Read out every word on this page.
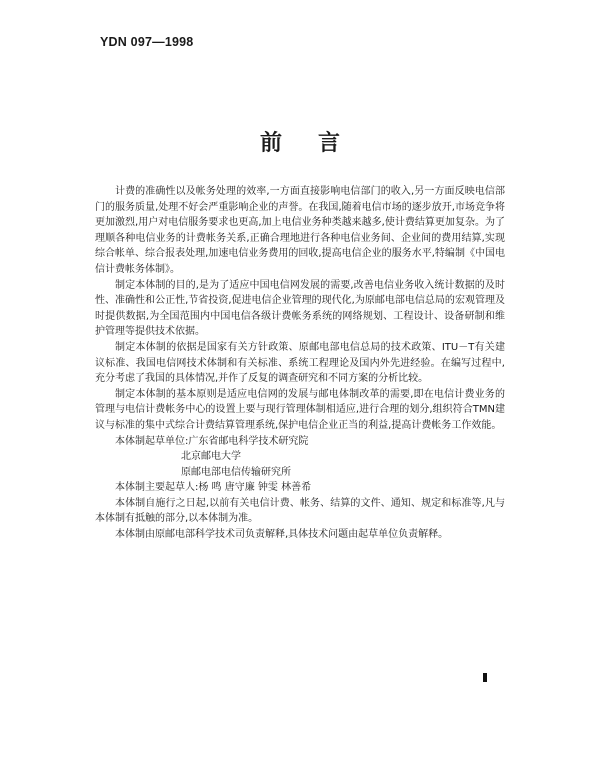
YDN 097—1998
前言

计费的准确性以及帐务处理的效率,一方面直接影响电信部门的收入,另一方面反映电信部门的服务质量,处理不好会严重影响企业的声誉。在我国,随着电信市场的逐步放开,市场竞争将更加激烈,用户对电信服务要求也更高,加上电信业务种类越来越多,使计费结算更加复杂。为了理顺各种电信业务的计费帐务关系,正确合理地进行各种电信业务间、企业间的费用结算,实现综合帐单、综合报表处理,加速电信业务费用的回收,提高电信企业的服务水平,特编制《中国电信计费帐务体制》。

制定本体制的目的,是为了适应中国电信网发展的需要,改善电信业务收入统计数据的及时性、准确性和公正性,节省投资,促进电信企业管理的现代化,为原邮电部电信总局的宏观管理及时提供数据,为全国范围内中国电信各级计费帐务系统的网络规划、工程设计、设备研制和维护管理等提供技术依据。

制定本体制的依据是国家有关方针政策、原邮电部电信总局的技术政策、ITU－T有关建议标准、我国电信网技术体制和有关标准、系统工程理论及国内外先进经验。在编写过程中,充分考虑了我国的具体情况,并作了反复的调查研究和不同方案的分析比较。

制定本体制的基本原则是适应电信网的发展与邮电体制改革的需要,即在电信计费业务的管理与电信计费帐务中心的设置上要与现行管理体制相适应,进行合理的划分,组织符合TMN建议与标准的集中式综合计费结算管理系统,保护电信企业正当的利益,提高计费帐务工作效能。

本体制起草单位:广东省邮电科学技术研究院

北京邮电大学

原邮电部电信传输研究所

本体制主要起草人:杨 鸣 唐守廉 钟雯 林善希

本体制自施行之日起,以前有关电信计费、帐务、结算的文件、通知、规定和标准等,凡与本体制有抵触的部分,以本体制为准。

本体制由原邮电部科学技术司负责解释,具体技术问题由起草单位负责解释。
